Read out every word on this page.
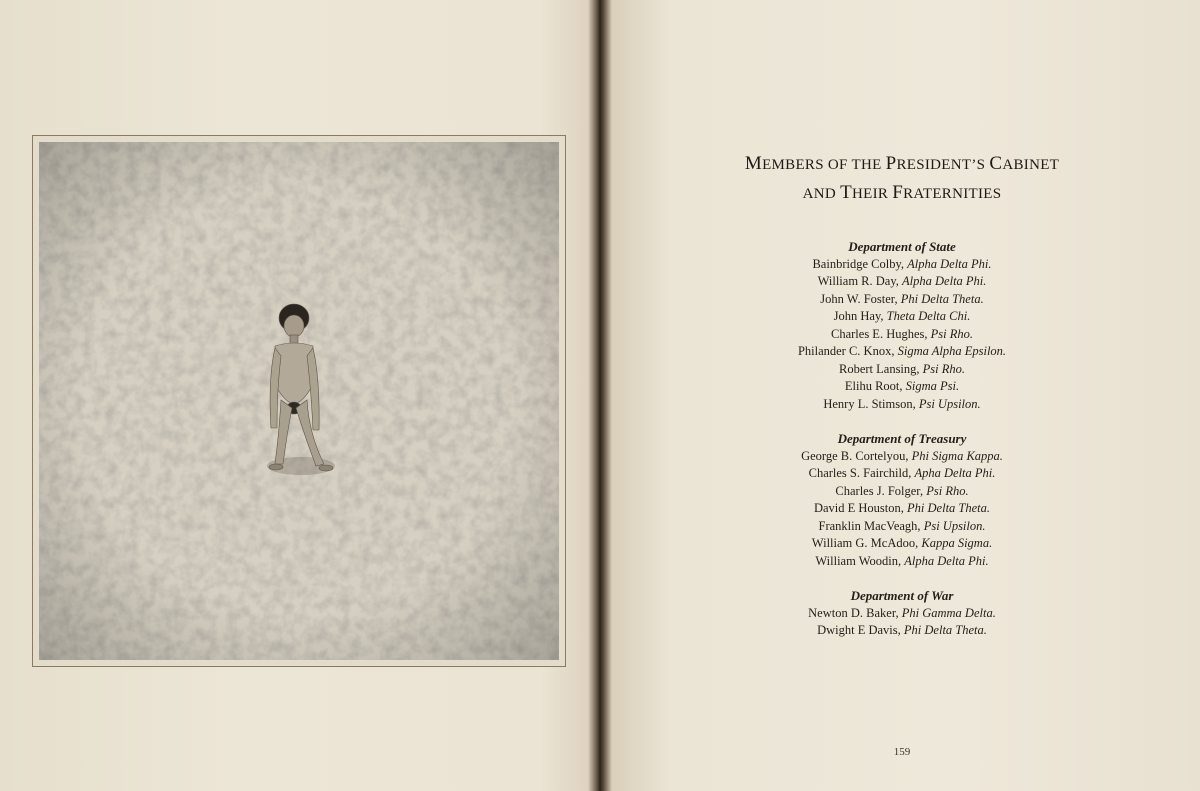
MEMBERS OF THE PRESIDENT’S CABINET
AND THEIR FRATERNITIES
Department of State
Bainbridge Colby, Alpha Delta Phi.
William R. Day, Alpha Delta Phi.
John W. Foster, Phi Delta Theta.
John Hay, Theta Delta Chi.
Charles E. Hughes, Psi Rho.
Philander C. Knox, Sigma Alpha Epsilon.
Robert Lansing, Psi Rho.
Elihu Root, Sigma Psi.
Henry L. Stimson, Psi Upsilon.
Department of Treasury
George B. Cortelyou, Phi Sigma Kappa.
Charles S. Fairchild, Apha Delta Phi.
Charles J. Folger, Psi Rho.
David E Houston, Phi Delta Theta.
Franklin MacVeagh, Psi Upsilon.
William G. McAdoo, Kappa Sigma.
William Woodin, Alpha Delta Phi.
Department of War
Newton D. Baker, Phi Gamma Delta.
Dwight E Davis, Phi Delta Theta.
159
